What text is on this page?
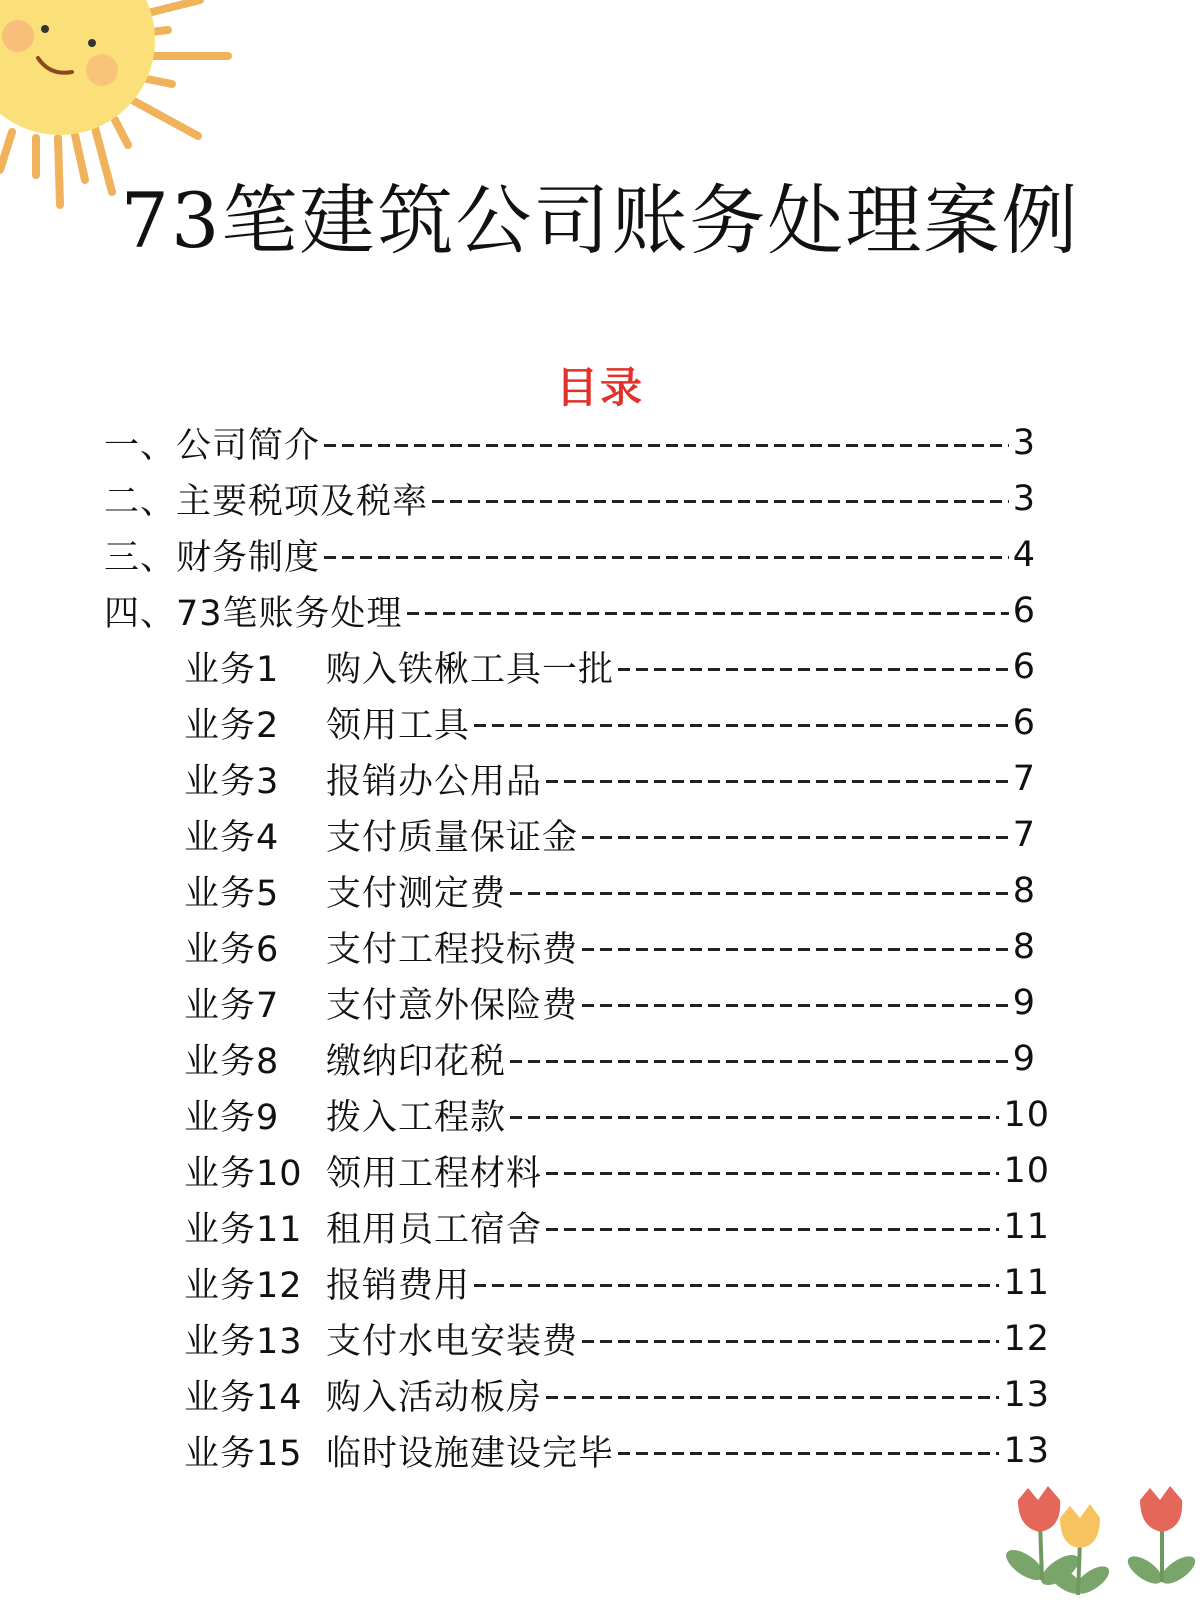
73笔建筑公司账务处理案例
目录
一、公司简介	3
二、主要税项及税率	3
三、财务制度	4
四、73笔账务处理	6
业务1	购入铁楸工具一批	6
业务2	领用工具	6
业务3	报销办公用品	7
业务4	支付质量保证金	7
业务5	支付测定费	8
业务6	支付工程投标费	8
业务7	支付意外保险费	9
业务8	缴纳印花税	9
业务9	拨入工程款	10
业务10 领用工程材料	10
业务11 租用员工宿舍	11
业务12 报销费用	11
业务13 支付水电安装费	12
业务14 购入活动板房	13
业务15 临时设施建设完毕	13
